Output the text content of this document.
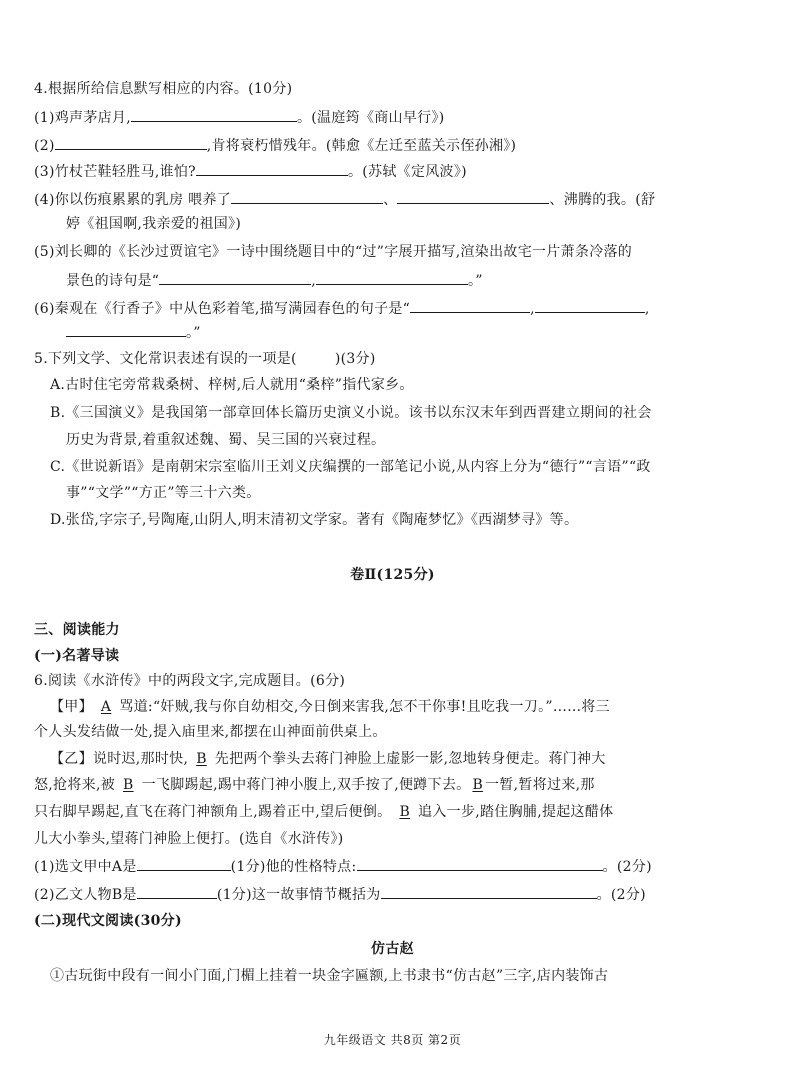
4.根据所给信息默写相应的内容。(10分)
(1)鸡声茅店月,	。(温庭筠《商山早行》)
(2)	,肯将衰朽惜残年。(韩愈《左迁至蓝关示侄孙湘》)
(3)竹杖芒鞋轻胜马,谁怕?	。(苏轼《定风波》)
(4)你以伤痕累累的乳房 喂养了	、	、沸腾的我。(舒
婷《祖国啊,我亲爱的祖国》)
(5)刘长卿的《长沙过贾谊宅》一诗中围绕题目中的“过”字展开描写,渲染出故宅一片萧条冷落的
景色的诗句是“	,	。”
(6)秦观在《行香子》中从色彩着笔,描写满园春色的句子是“	,	,
。”
5.下列文学、文化常识表述有误的一项是(	)(3分)
A.古时住宅旁常栽桑树、梓树,后人就用“桑梓”指代家乡。
B.《三国演义》是我国第一部章回体长篇历史演义小说。该书以东汉末年到西晋建立期间的社会
历史为背景,着重叙述魏、蜀、吴三国的兴衰过程。
C.《世说新语》是南朝宋宗室临川王刘义庆编撰的一部笔记小说,从内容上分为“德行”“言语”“政
事”“文学”“方正”等三十六类。
D.张岱,字宗子,号陶庵,山阴人,明末清初文学家。著有《陶庵梦忆》《西湖梦寻》等。
卷Ⅱ(125分)
三、阅读能力
(一)名著导读
6.阅读《水浒传》中的两段文字,完成题目。(6分)
【甲】 A 骂道:“奸贼,我与你自幼相交,今日倒来害我,怎不干你事!且吃我一刀。”……将三
个人头发结做一处,提入庙里来,都摆在山神面前供桌上。
【乙】说时迟,那时快, B 先把两个拳头去蒋门神脸上虚影一影,忽地转身便走。蒋门神大
怒,抢将来,被 B 一飞脚踢起,踢中蒋门神小腹上,双手按了,便蹲下去。 B 一暂,暂将过来,那
只右脚早踢起,直飞在蒋门神额角上,踢着正中,望后便倒。 B 追入一步,踏住胸脯,提起这醋体
儿大小拳头,望蒋门神脸上便打。(选自《水浒传》)
(1)选文甲中A是	(1分)他的性格特点:	。(2分)
(2)乙文人物B是	(1分)这一故事情节概括为	。(2分)
(二)现代文阅读(30分)
仿古赵
①古玩街中段有一间小门面,门楣上挂着一块金字匾额,上书隶书“仿古赵”三字,店内装饰古
九年级语文 共8页 第2页
